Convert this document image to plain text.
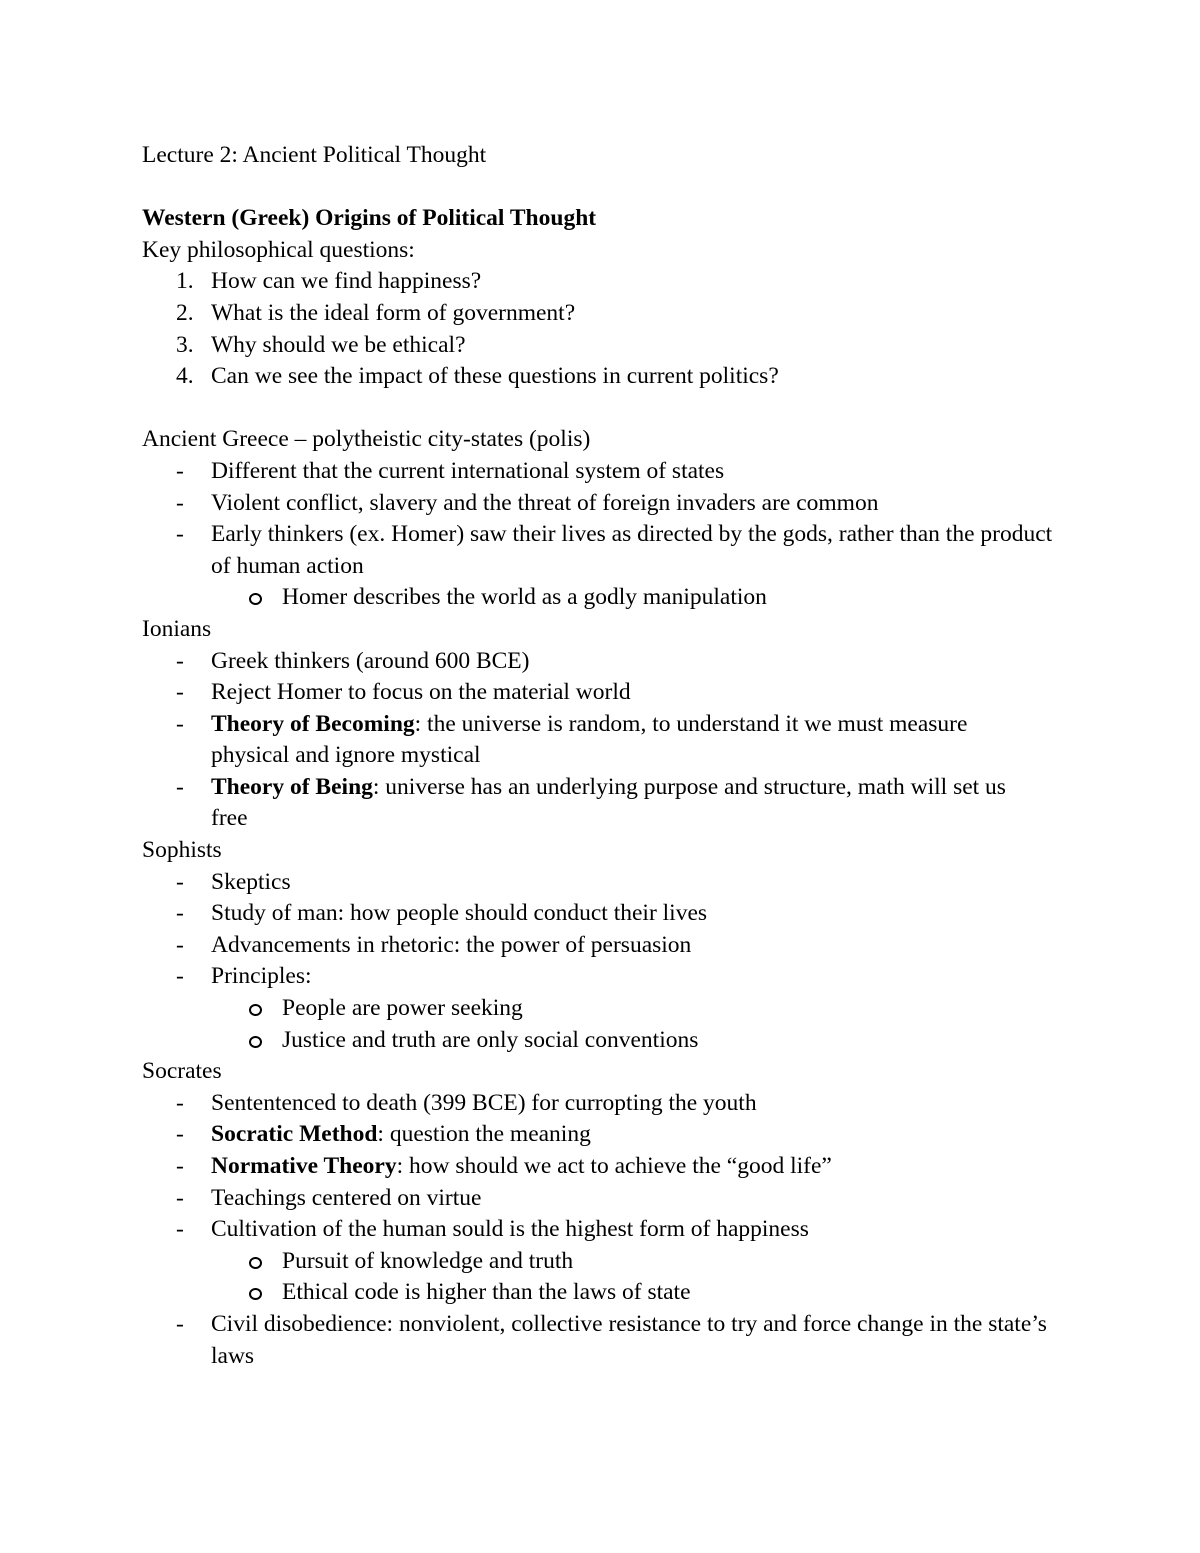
Lecture 2: Ancient Political Thought
Western (Greek) Origins of Political Thought
Key philosophical questions:
1. How can we find happiness?
2. What is the ideal form of government?
3. Why should we be ethical?
4. Can we see the impact of these questions in current politics?
Ancient Greece – polytheistic city-states (polis)
- Different that the current international system of states
- Violent conflict, slavery and the threat of foreign invaders are common
- Early thinkers (ex. Homer) saw their lives as directed by the gods, rather than the product of human action
Homer describes the world as a godly manipulation
Ionians
- Greek thinkers (around 600 BCE)
- Reject Homer to focus on the material world
- Theory of Becoming: the universe is random, to understand it we must measure physical and ignore mystical
- Theory of Being: universe has an underlying purpose and structure, math will set us free
Sophists
- Skeptics
- Study of man: how people should conduct their lives
- Advancements in rhetoric: the power of persuasion
- Principles:
People are power seeking
Justice and truth are only social conventions
Socrates
- Sententenced to death (399 BCE) for curropting the youth
- Socratic Method: question the meaning
- Normative Theory: how should we act to achieve the “good life”
- Teachings centered on virtue
- Cultivation of the human sould is the highest form of happiness
Pursuit of knowledge and truth
Ethical code is higher than the laws of state
- Civil disobedience: nonviolent, collective resistance to try and force change in the state’s laws
